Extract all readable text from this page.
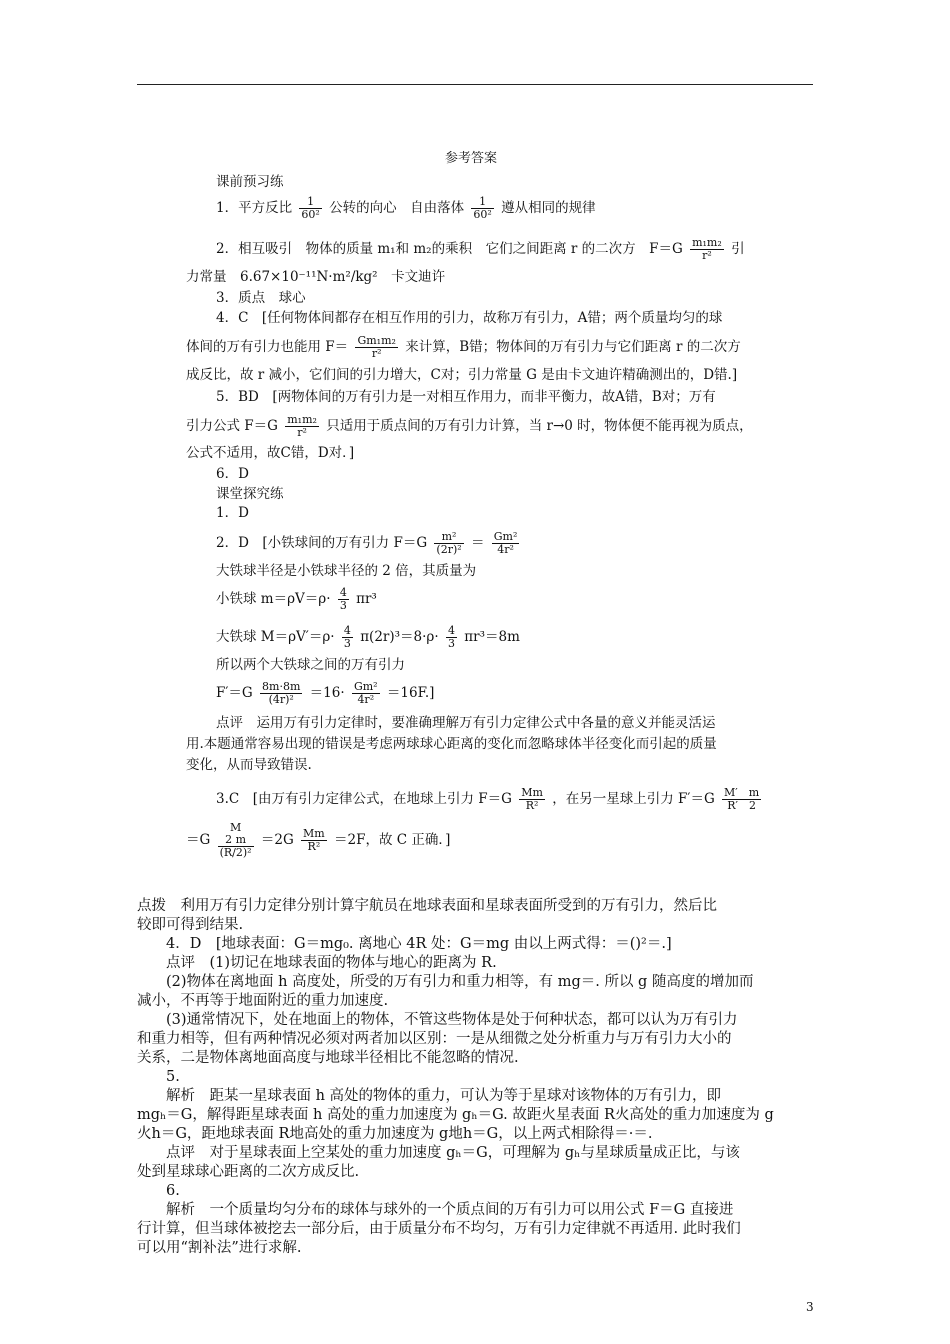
参考答案
课前预习练
1．平方反比 $\frac{1}{\text{60²}}$ 公转的向心　自由落体 $\frac{1}{\text{60²}}$ 遵从相同的规律
2．相互吸引　物体的质量 m₁和 m₂的乘积　它们之间距离 r 的二次方　$F=G \frac{\text{m₁m₂}}{\text{r²}}$ 引
力常量　6.67×10⁻¹¹N·m²/kg²　卡文迪许
3．质点　球心
4．C　[任何物体间都存在相互作用的引力，故称万有引力，A错；两个质量均匀的球
体间的万有引力也能用 $F= \frac{\text{Gm₁m₂}}{\text{r²}}$ 来计算，B错；物体间的万有引力与它们距离 r 的二次方
成反比，故 r 减小，它们间的引力增大，C对；引力常量 G 是由卡文迪许精确测出的，D错.]
5．BD　[两物体间的万有引力是一对相互作用力，而非平衡力，故A错，B对；万有
引力公式 $F=G \frac{\text{m₁m₂}}{\text{r²}}$ 只适用于质点间的万有引力计算，当 r→0 时，物体便不能再视为质点，
公式不适用，故C错，D对．]
6．D
课堂探究练
1．D
2．D　[小铁球间的万有引力 $F=G \frac{\text{m²}}{\text{(2r)²}} = \frac{\text{Gm²}}{\text{4r²}}$
大铁球半径是小铁球半径的 2 倍，其质量为
小铁球 $m=\rho V=\rho\cdot \frac{4}{3} \pi r^3$
大铁球 $M=\rho V'=\rho\cdot \frac{4}{3} \pi(2r)^3=8\cdot\rho\cdot \frac{4}{3} \pi r^3=8m$
所以两个大铁球之间的万有引力
$F'=G \frac{8m\cdot 8m}{\text{(4r)²}} =16\cdot \frac{\text{Gm²}}{\text{4r²}} =16F$.]
点评　运用万有引力定律时，要准确理解万有引力定律公式中各量的意义并能灵活运
用.本题通常容易出现的错误是考虑两球球心距离的变化而忽略球体半径变化而引起的质量
变化，从而导致错误.
3.C　[由万有引力定律公式，在地球上引力 $F=G \frac{Mm}{\text{R²}}$ ，在另一星球上引力 $F'=G \frac{M' m}{R' 2}$
＝G
M
2 m
(R/2)²
$=2G \frac{Mm}{\text{R²}} =2F$，故 C 正确．]
点拨　利用万有引力定律分别计算宇航员在地球表面和星球表面所受到的万有引力，然后比
较即可得到结果.
4．D　[地球表面：G＝mg₀. 离地心 4R 处：G＝mg 由以上两式得：＝()²＝.]
点评　(1)切记在地球表面的物体与地心的距离为 R.
(2)物体在离地面 h 高度处，所受的万有引力和重力相等，有 mg＝. 所以 g 随高度的增加而
减小，不再等于地面附近的重力加速度.
(3)通常情况下，处在地面上的物体，不管这些物体是处于何种状态，都可以认为万有引力
和重力相等，但有两种情况必须对两者加以区别：一是从细微之处分析重力与万有引力大小的
关系，二是物体离地面高度与地球半径相比不能忽略的情况.
5.
解析　距某一星球表面 h 高处的物体的重力，可认为等于星球对该物体的万有引力，即
mgₕ＝G，解得距星球表面 h 高处的重力加速度为 gₕ＝G. 故距火星表面 R火高处的重力加速度为 g
火h＝G，距地球表面 R地高处的重力加速度为 g地h＝G，以上两式相除得＝·＝.
点评　对于星球表面上空某处的重力加速度 gₕ＝G，可理解为 gₕ与星球质量成正比，与该
处到星球球心距离的二次方成反比.
6.
解析　一个质量均匀分布的球体与球外的一个质点间的万有引力可以用公式 F＝G 直接进
行计算，但当球体被挖去一部分后，由于质量分布不均匀，万有引力定律就不再适用. 此时我们
可以用“割补法”进行求解.
3
